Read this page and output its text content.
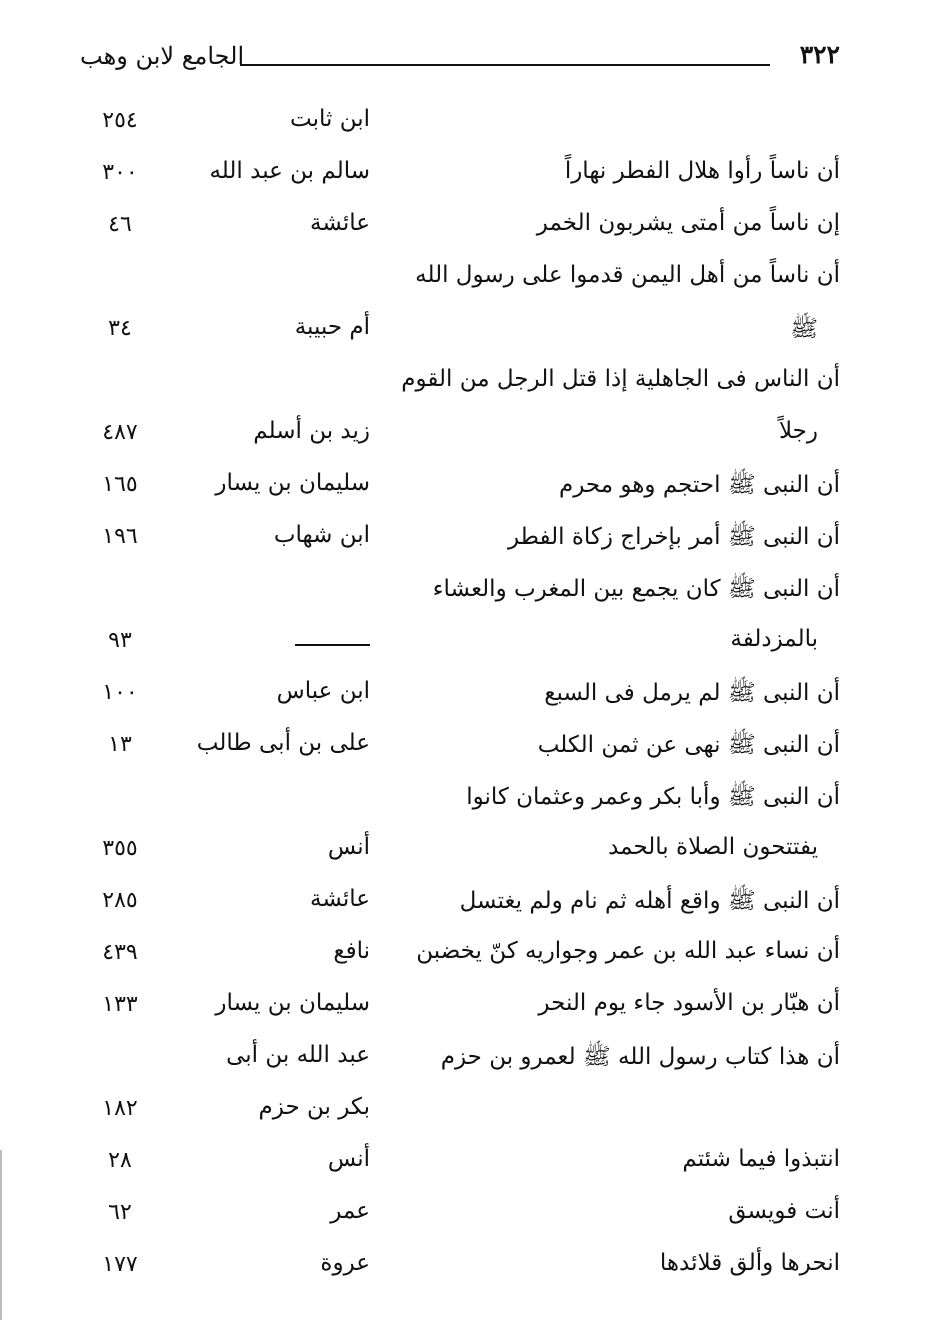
٣٢٢
الجامع لابن وهب
ابن ثابت
٢٥٤
أن ناساً رأوا هلال الفطر نهاراً
سالم بن عبد الله
٣٠٠
إن ناساً من أمتى يشربون الخمر
عائشة
٤٦
أن ناساً من أهل اليمن قدموا على رسول الله
ﷺ
أم حبيبة
٣٤
أن الناس فى الجاهلية إذا قتل الرجل من القوم
رجلاً
زيد بن أسلم
٤٨٧
أن النبى ﷺ احتجم وهو محرم
سليمان بن يسار
١٦٥
أن النبى ﷺ أمر بإخراج زكاة الفطر
ابن شهاب
١٩٦
أن النبى ﷺ كان يجمع بين المغرب والعشاء
بالمزدلفة
٩٣
أن النبى ﷺ لم يرمل فى السبع
ابن عباس
١٠٠
أن النبى ﷺ نهى عن ثمن الكلب
على بن أبى طالب
١٣
أن النبى ﷺ وأبا بكر وعمر وعثمان كانوا
يفتتحون الصلاة بالحمد
أنس
٣٥٥
أن النبى ﷺ واقع أهله ثم نام ولم يغتسل
عائشة
٢٨٥
أن نساء عبد الله بن عمر وجواريه كنّ يخضبن
نافع
٤٣٩
أن هبّار بن الأسود جاء يوم النحر
سليمان بن يسار
١٣٣
أن هذا كتاب رسول الله ﷺ لعمرو بن حزم
عبد الله بن أبى
بكر بن حزم
١٨٢
انتبذوا فيما شئتم
أنس
٢٨
أنت فويسق
عمر
٦٢
انحرها وألق قلائدها
عروة
١٧٧
